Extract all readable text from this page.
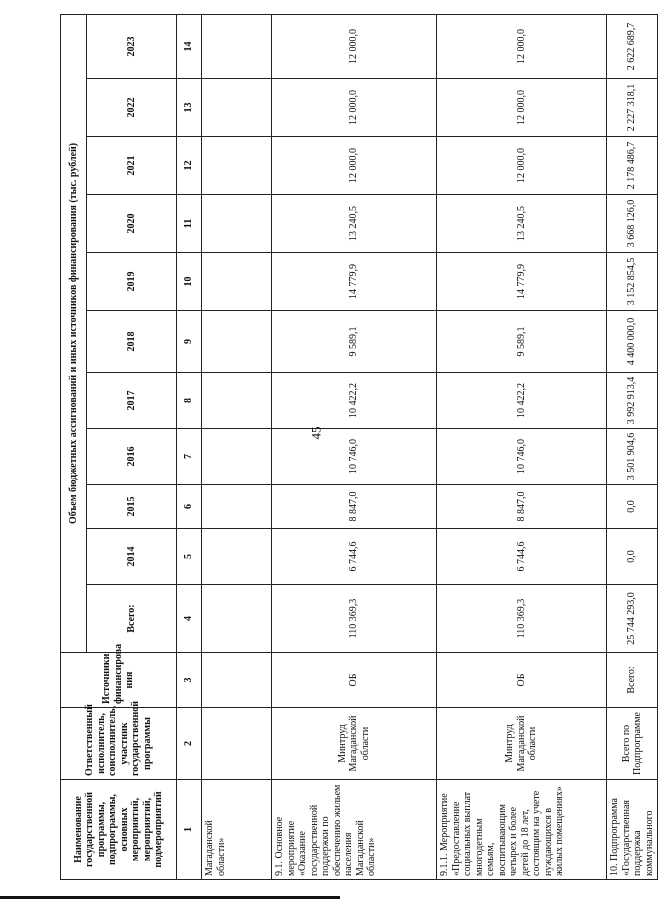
45
Наименование государственной программы, подпрограммы, основных мероприятий, мероприятий, подмероприятий	Ответственный исполнитель, соисполнитель, участник государственной программы	Источники финансирова ния	Объем бюджетных ассигнований и иных источников финансирования (тыс. рублей)										
			Всего:	2014	2015	2016	2017	2018	2019	2020	2021	2022	2023
1	2	3	4	5	6	7	8	9	10	11	12	13	14
Магаданской области»													
9.1. Основное мероприятие «Оказание государственной поддержки по обеспечению жильем населения Магаданской области»	Минтруд Магаданской области	ОБ	110 369,3	6 744,6	8 847,0	10 746,0	10 422,2	9 589,1	14 779,9	13 240,5	12 000,0	12 000,0	12 000,0
9.1.1. Мероприятие «Предоставление социальных выплат многодетным семьям, воспитывающим четырех и более детей до 18 лет, состоящим на учете нуждающихся в жилых помещениях»	Минтруд Магаданской области	ОБ	110 369,3	6 744,6	8 847,0	10 746,0	10 422,2	9 589,1	14 779,9	13 240,5	12 000,0	12 000,0	12 000,0
10. Подпрограмма «Государственная поддержка коммунального	Всего по Подпрограмме	Всего:	25 744 293,0	0,0	0,0	3 501 904,6	3 992 913,4	4 400 000,0	3 152 854,5	3 668 126,0	2 178 486,7	2 227 318,1	2 622 689,7
